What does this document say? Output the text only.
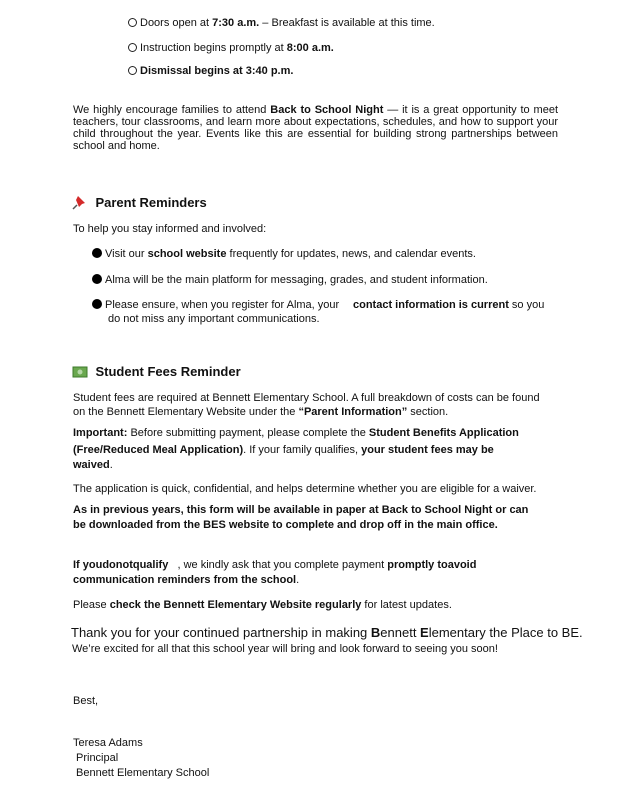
Doors open at 7:30 a.m. – Breakfast is available at this time.
Instruction begins promptly at 8:00 a.m.
Dismissal begins at 3:40 p.m.
We highly encourage families to attend Back to School Night — it is a great opportunity to meet teachers, tour classrooms, and learn more about expectations, schedules, and how to support your child throughout the year. Events like this are essential for building strong partnerships between school and home.
Parent Reminders
To help you stay informed and involved:
Visit our school website frequently for updates, news, and calendar events.
Alma will be the main platform for messaging, grades, and student information.
Please ensure, when you register for Alma, your contact information is current so you
do not miss any important communications.
Student Fees Reminder
Student fees are required at Bennett Elementary School. A full breakdown of costs can be found
on the Bennett Elementary Website under the “Parent Information” section.
Important: Before submitting payment, please complete the Student Benefits Application
(Free/Reduced Meal Application). If your family qualifies, your student fees may be
waived.
The application is quick, confidential, and helps determine whether you are eligible for a waiver.
As in previous years, this form will be available in paper at Back to School Night or can
be downloaded from the BES website to complete and drop off in the main office.
If youdonotqualify   , we kindly ask that you complete payment promptly toavoid
communication reminders from the school.
Please check the Bennett Elementary Website regularly for latest updates.
Thank you for your continued partnership in making Bennett Elementary the Place to BE.
We’re excited for all that this school year will bring and look forward to seeing you soon!
Best,
Teresa Adams
Principal
Bennett Elementary School
